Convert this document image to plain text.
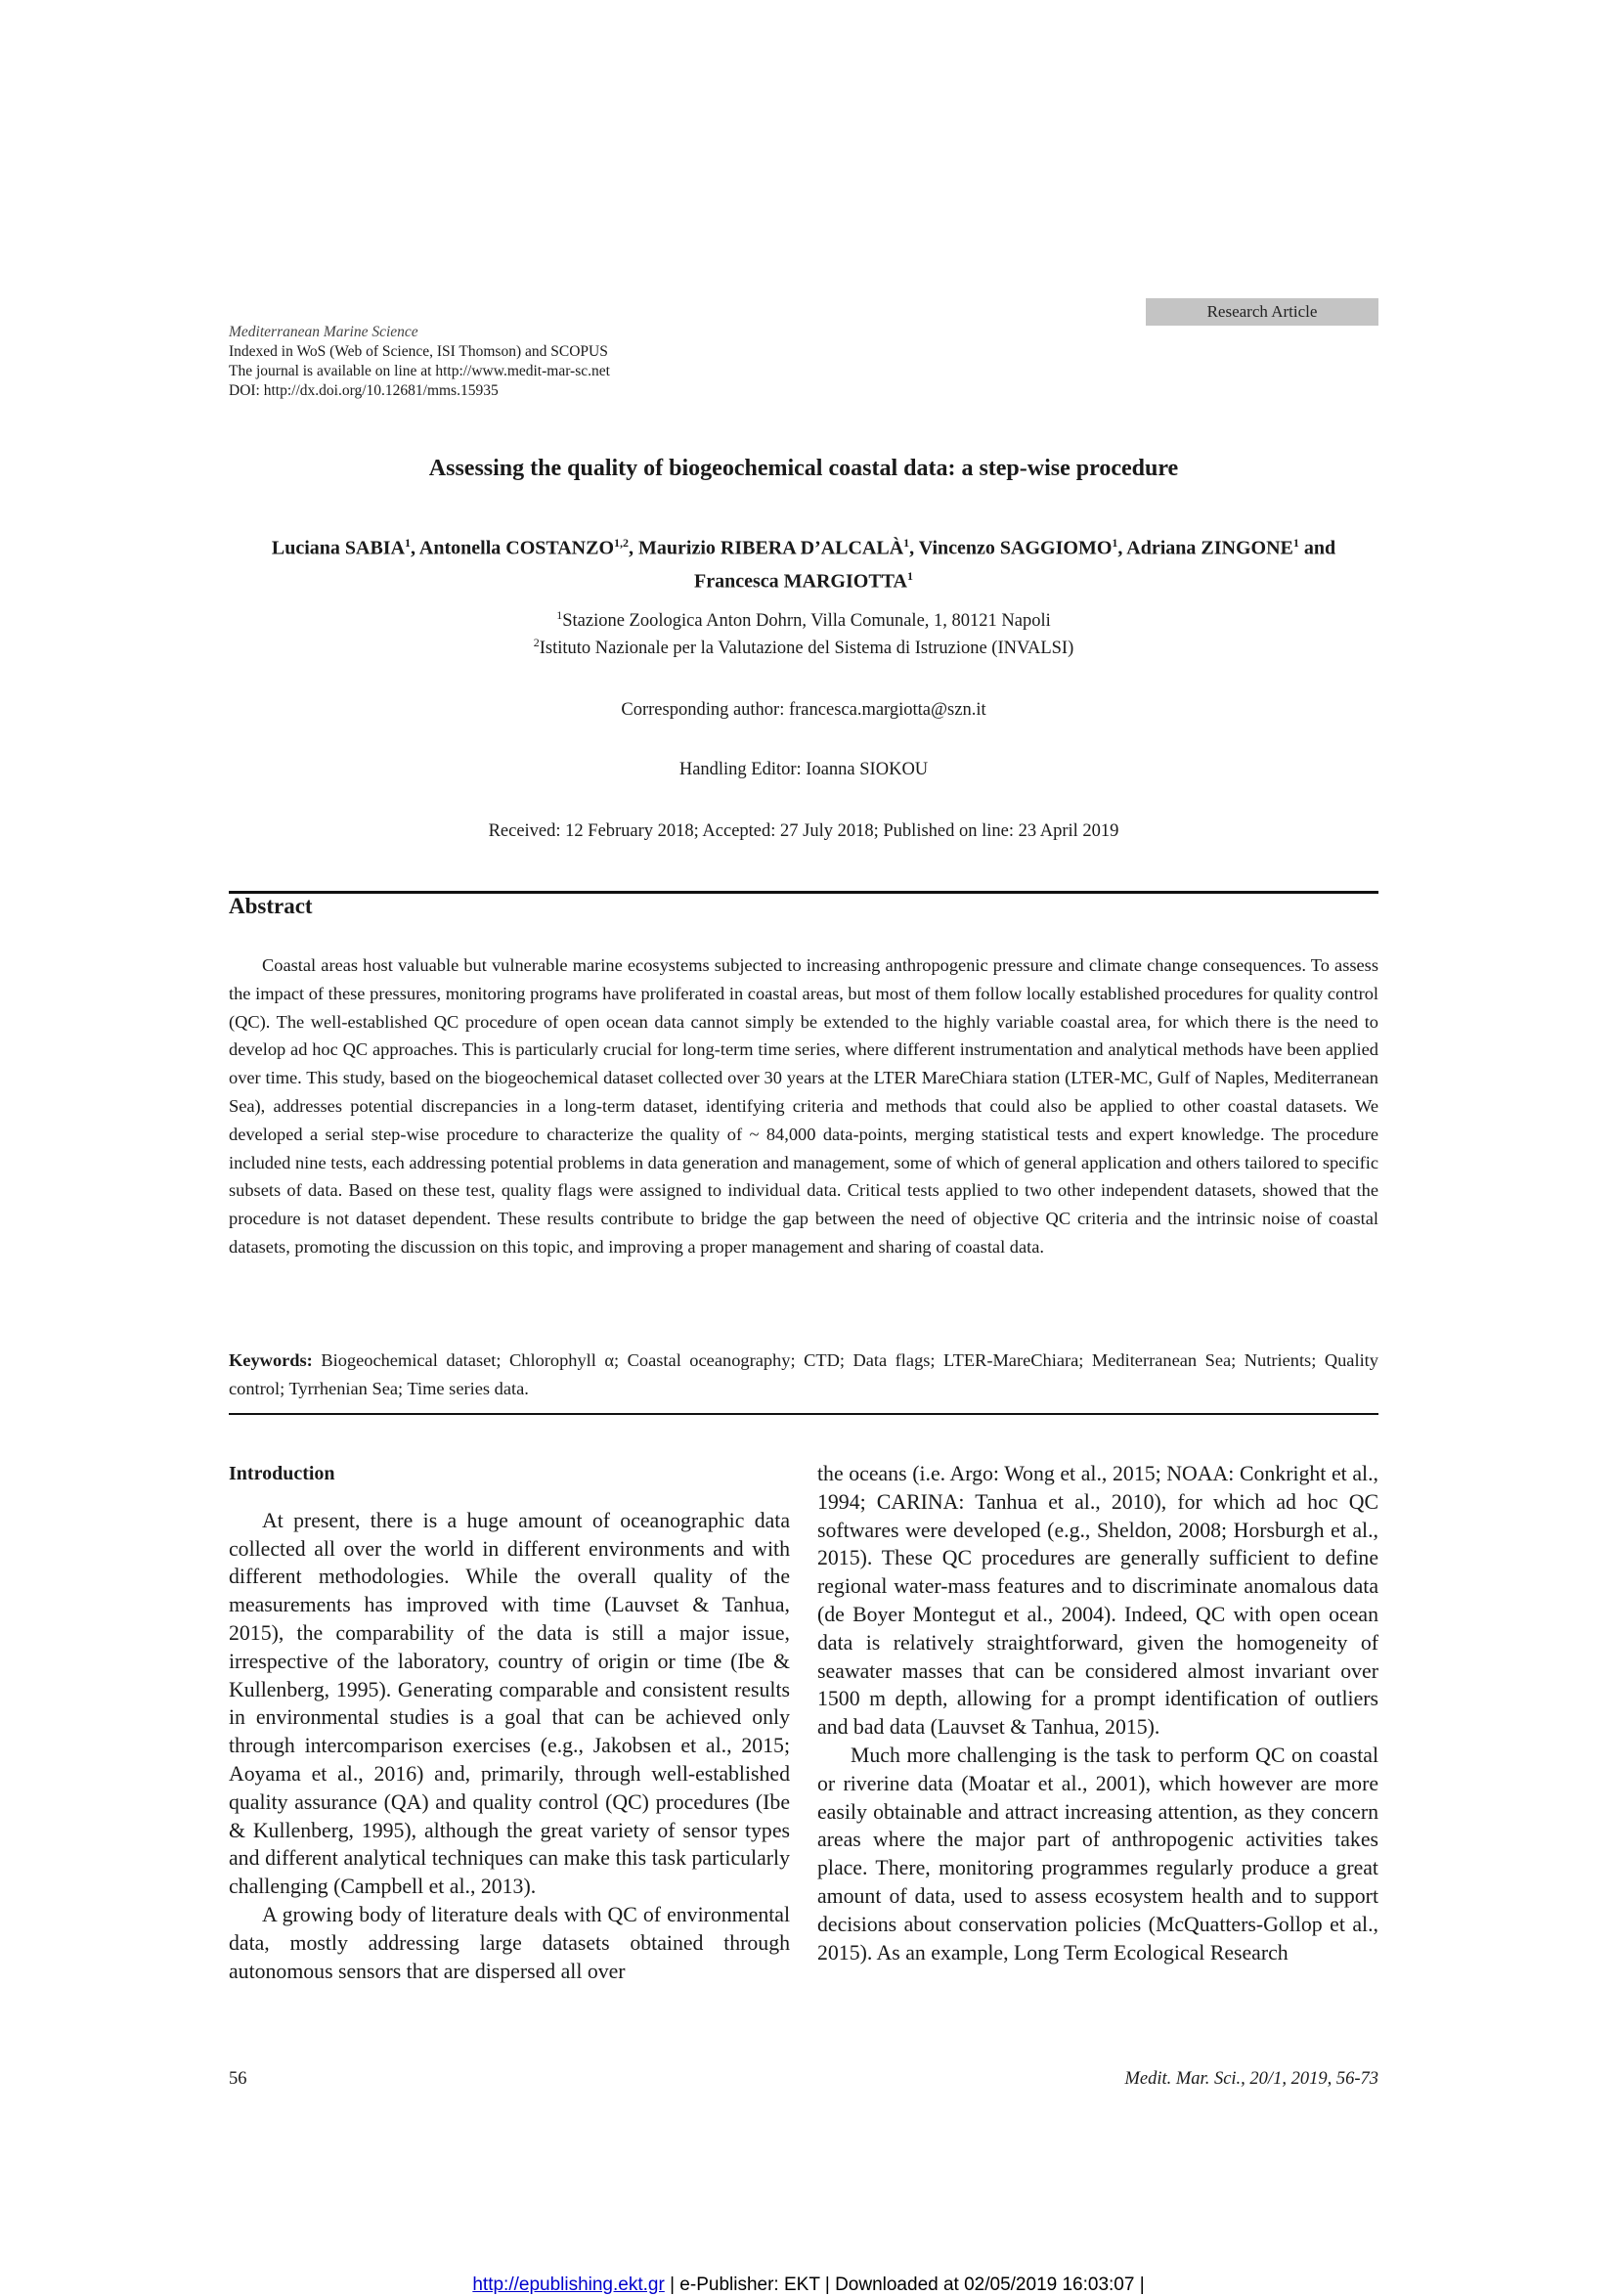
Mediterranean Marine Science
Indexed in WoS (Web of Science, ISI Thomson) and SCOPUS
The journal is available on line at http://www.medit-mar-sc.net
DOI: http://dx.doi.org/10.12681/mms.15935
Research Article
Assessing the quality of biogeochemical coastal data: a step-wise procedure
Luciana SABIA$^1$, Antonella COSTANZO$^{1,2}$, Maurizio RIBERA D’ALCALÀ$^1$, Vincenzo SAGGIOMO$^1$, Adriana ZINGONE$^1$ and Francesca MARGIOTTA$^1$
$^1$Stazione Zoologica Anton Dohrn, Villa Comunale, 1, 80121 Napoli
$^2$Istituto Nazionale per la Valutazione del Sistema di Istruzione (INVALSI)
Corresponding author: francesca.margiotta@szn.it
Handling Editor: Ioanna SIOKOU
Received: 12 February 2018; Accepted: 27 July 2018; Published on line: 23 April 2019
Abstract
Coastal areas host valuable but vulnerable marine ecosystems subjected to increasing anthropogenic pressure and climate change consequences. To assess the impact of these pressures, monitoring programs have proliferated in coastal areas, but most of them follow locally established procedures for quality control (QC). The well-established QC procedure of open ocean data cannot simply be extended to the highly variable coastal area, for which there is the need to develop ad hoc QC approaches. This is particularly crucial for long-term time series, where different instrumentation and analytical methods have been applied over time. This study, based on the biogeochemical dataset collected over 30 years at the LTER MareChiara station (LTER-MC, Gulf of Naples, Mediterranean Sea), addresses potential discrepancies in a long-term dataset, identifying criteria and methods that could also be applied to other coastal datasets. We developed a serial step-wise procedure to characterize the quality of ~ 84,000 data-points, merging statistical tests and expert knowledge. The procedure included nine tests, each addressing potential problems in data generation and management, some of which of general application and others tailored to specific subsets of data. Based on these test, quality flags were assigned to individual data. Critical tests applied to two other independent datasets, showed that the procedure is not dataset dependent. These results contribute to bridge the gap between the need of objective QC criteria and the intrinsic noise of coastal datasets, promoting the discussion on this topic, and improving a proper management and sharing of coastal data.
Keywords: Biogeochemical dataset; Chlorophyll α; Coastal oceanography; CTD; Data flags; LTER-MareChiara; Mediterranean Sea; Nutrients; Quality control; Tyrrhenian Sea; Time series data.

Introduction

At present, there is a huge amount of oceanographic data collected all over the world in different environments and with different methodologies. While the overall quality of the measurements has improved with time (Lauvset & Tanhua, 2015), the comparability of the data is still a major issue, irrespective of the laboratory, country of origin or time (Ibe & Kullenberg, 1995). Generating comparable and consistent results in environmental studies is a goal that can be achieved only through intercomparison exercises (e.g., Jakobsen et al., 2015; Aoyama et al., 2016) and, primarily, through well-established quality assurance (QA) and quality control (QC) procedures (Ibe & Kullenberg, 1995), although the great variety of sensor types and different analytical techniques can make this task particularly challenging (Campbell et al., 2013).

A growing body of literature deals with QC of environmental data, mostly addressing large datasets obtained through autonomous sensors that are dispersed all over

the oceans (i.e. Argo: Wong et al., 2015; NOAA: Conkright et al., 1994; CARINA: Tanhua et al., 2010), for which ad hoc QC softwares were developed (e.g., Sheldon, 2008; Horsburgh et al., 2015). These QC procedures are generally sufficient to define regional water-mass features and to discriminate anomalous data (de Boyer Montegut et al., 2004). Indeed, QC with open ocean data is relatively straightforward, given the homogeneity of seawater masses that can be considered almost invariant over 1500 m depth, allowing for a prompt identification of outliers and bad data (Lauvset & Tanhua, 2015).

Much more challenging is the task to perform QC on coastal or riverine data (Moatar et al., 2001), which however are more easily obtainable and attract increasing attention, as they concern areas where the major part of anthropogenic activities takes place. There, monitoring programmes regularly produce a great amount of data, used to assess ecosystem health and to support decisions about conservation policies (McQuatters-Gollop et al., 2015). As an example, Long Term Ecological Research

56	Medit. Mar. Sci., 20/1, 2019, 56-73
http://epublishing.ekt.gr | e-Publisher: EKT | Downloaded at 02/05/2019 16:03:07 |
